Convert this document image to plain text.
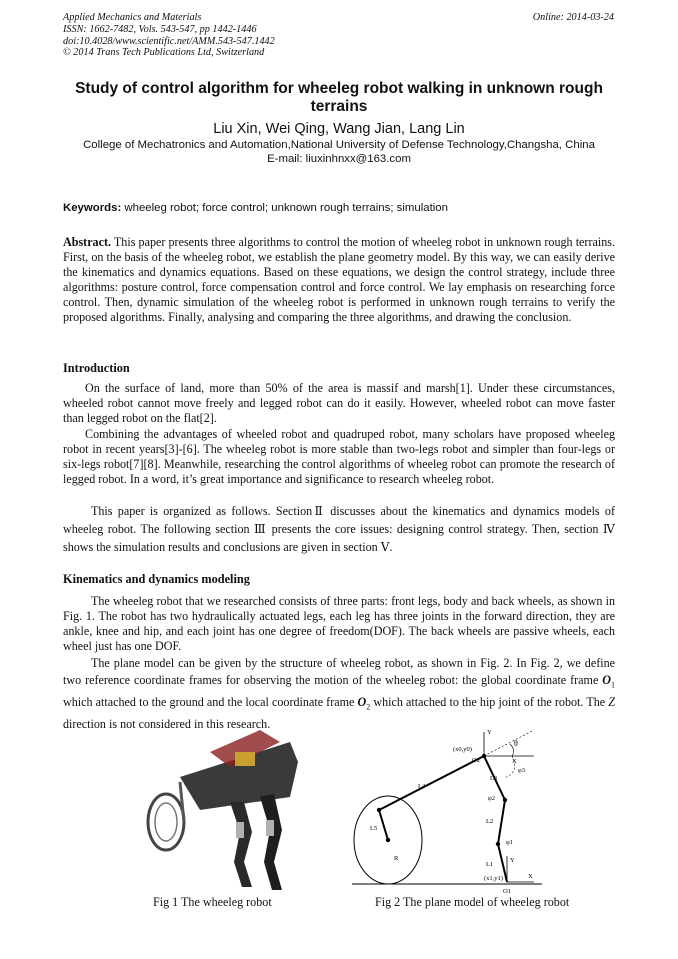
Applied Mechanics and Materials
ISSN: 1662-7482, Vols. 543-547, pp 1442-1446
doi:10.4028/www.scientific.net/AMM.543-547.1442
© 2014 Trans Tech Publications Ltd, Switzerland
Online: 2014-03-24
Study of control algorithm for wheeleg robot walking in unknown rough terrains
Liu Xin, Wei Qing, Wang Jian, Lang Lin
College of Mechatronics and Automation,National University of Defense Technology,Changsha, China
E-mail: liuxinhnxx@163.com
Keywords: wheeleg robot; force control; unknown rough terrains; simulation

Abstract. This paper presents three algorithms to control the motion of wheeleg robot in unknown rough terrains. First, on the basis of the wheeleg robot, we establish the plane geometry model. By this way, we can easily derive the kinematics and dynamics equations. Based on these equations, we design the control strategy, include three algorithms: posture control, force compensation control and force control. We lay emphasis on researching force control. Then, dynamic simulation of the wheeleg robot is performed in unknown rough terrains to verify the proposed algorithms. Finally, analysing and comparing the three algorithms, and drawing the conclusion.

Introduction

On the surface of land, more than 50% of the area is massif and marsh[1]. Under these circumstances, wheeled robot cannot move freely and legged robot can do it easily. However, wheeled robot can move faster than legged robot on the flat[2].

Combining the advantages of wheeled robot and quadruped robot, many scholars have proposed wheeleg robot in recent years[3]-[6]. The wheeleg robot is more stable than two-legs robot and simpler than four-legs or six-legs robot[7][8]. Meanwhile, researching the control algorithms of wheeleg robot can promote the research of legged robot. In a word, it’s great importance and significance to research wheeleg robot.

This paper is organized as follows. SectionⅡ discusses about the kinematics and dynamics models of wheeleg robot. The following section Ⅲ presents the core issues: designing control strategy. Then, section Ⅳ shows the simulation results and conclusions are given in section Ⅴ.

Kinematics and dynamics modeling

The wheeleg robot that we researched consists of three parts: front legs, body and back wheels, as shown in Fig. 1. The robot has two hydraulically actuated legs, each leg has three joints in the forward direction, they are ankle, knee and hip, and each joint has one degree of freedom(DOF). The back wheels are passive wheels, each wheel just has one DOF.

The plane model can be given by the structure of wheeleg robot, as shown in Fig. 2. In Fig. 2, we define two reference coordinate frames for observing the motion of the wheeleg robot: the global coordinate frame $O_1$ which attached to the ground and the local coordinate frame $O_2$ which attached to the hip joint of the robot. The Z direction is not considered in this research.

Fig 1 The wheeleg robot
Y
(x0,y0)
O2	X
θ
φ3
L3
L4
φ2
L2
L5
φ1
R
L1
Y
(x1,y1)
O1
X
Fig 2 The plane model of wheeleg robot
